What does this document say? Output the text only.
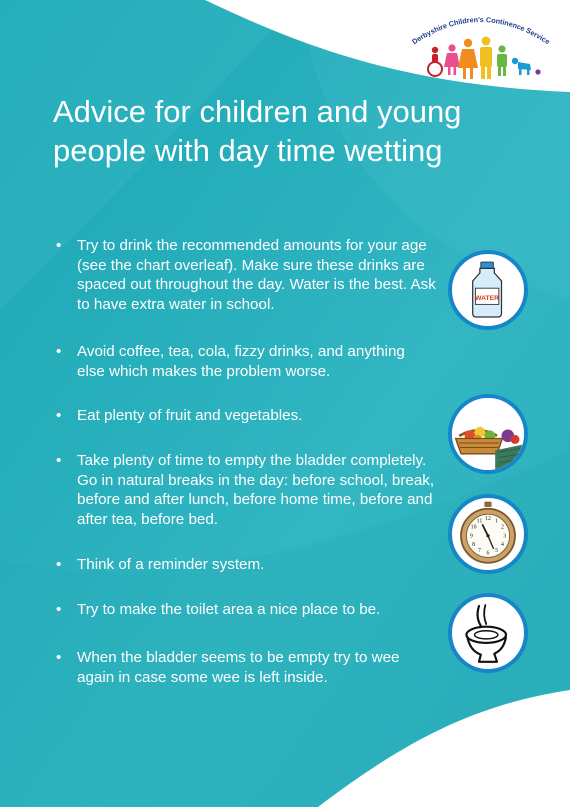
Derbyshire Children's Continence Service
Advice for children and young people with day time wetting
• Try to drink the recommended amounts for your age (see the chart overleaf). Make sure these drinks are spaced out throughout the day. Water is the best. Ask to have extra water in school.
• Avoid coffee, tea, cola, fizzy drinks, and anything else which makes the problem worse.
• Eat plenty of fruit and vegetables.
• Take plenty of time to empty the bladder completely. Go in natural breaks in the day: before school, break, before and after lunch, before home time, before and after tea, before bed.
• Think of a reminder system.
• Try to make the toilet area a nice place to be.
• When the bladder seems to be empty try to wee again in case some wee is left inside.
WATER
12 1
2
3
4
5
6
7
8
9
10
11
